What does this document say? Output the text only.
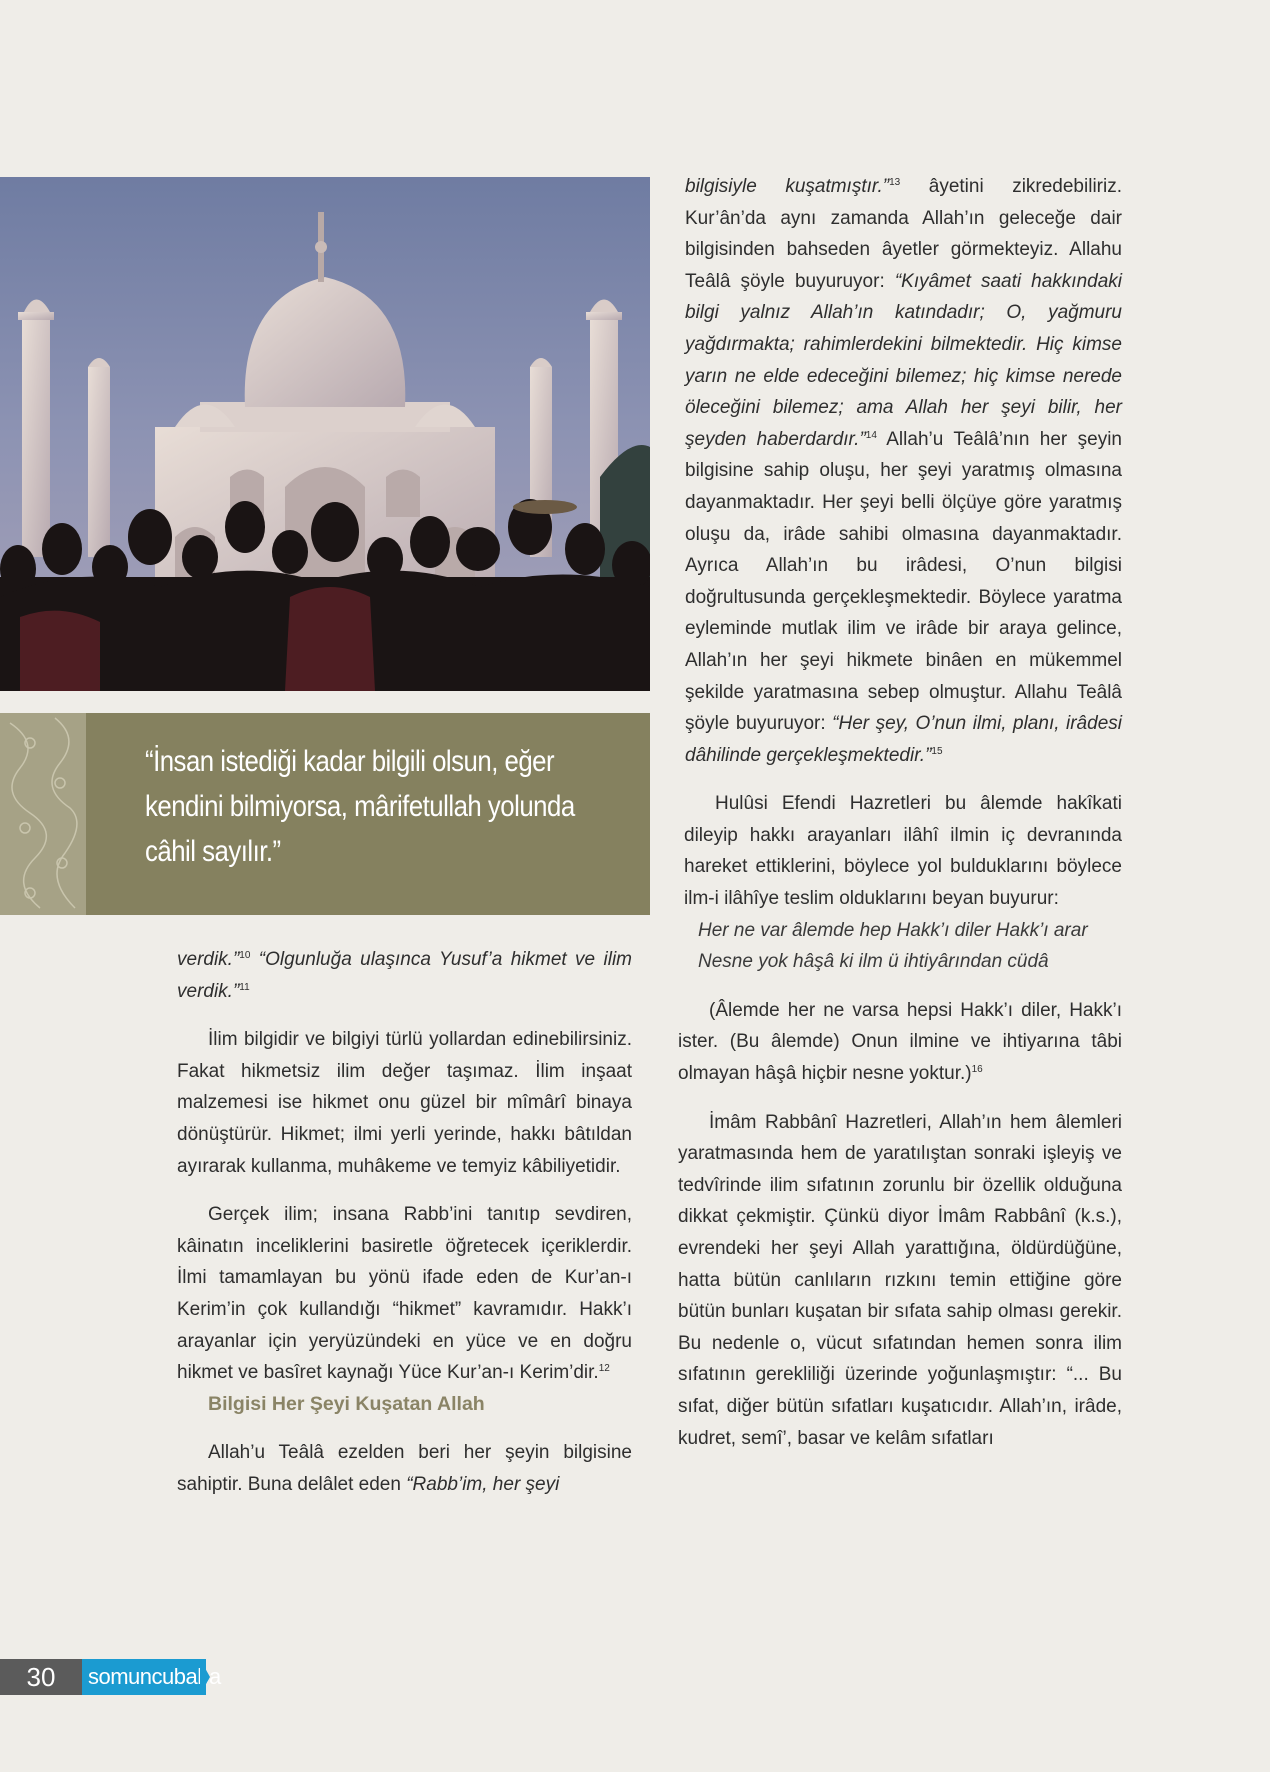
“İnsan istediği kadar bilgili olsun, eğer kendini bilmiyorsa, mârifetullah yolunda câhil sayılır.”

verdik.”$^{10}$ “Olgunluğa ulaşınca Yusuf’a hikmet ve ilim verdik.”$^{11}$

İlim bilgidir ve bilgiyi türlü yollardan edinebilirsiniz. Fakat hikmetsiz ilim değer taşımaz. İlim inşaat malzemesi ise hikmet onu güzel bir mîmârî binaya dönüştürür. Hikmet; ilmi yerli yerinde, hakkı bâtıldan ayırarak kullanma, muhâkeme ve temyiz kâbiliyetidir.

Gerçek ilim; insana Rabb’ini tanıtıp sevdiren, kâinatın inceliklerini basiretle öğretecek içeriklerdir. İlmi tamamlayan bu yönü ifade eden de Kur’an-ı Kerim’in çok kullandığı “hikmet” kavramıdır. Hakk’ı arayanlar için yeryüzündeki en yüce ve en doğru hikmet ve basîret kaynağı Yüce Kur’an-ı Kerim’dir.$^{12}$

Bilgisi Her Şeyi Kuşatan Allah

Allah’u Teâlâ ezelden beri her şeyin bilgisine sahiptir. Buna delâlet eden “Rabb’im, her şeyi

bilgisiyle kuşatmıştır.”$^{13}$ âyetini zikredebiliriz. Kur’ân’da aynı zamanda Allah’ın geleceğe dair bilgisinden bahseden âyetler görmekteyiz. Allahu Teâlâ şöyle buyuruyor: “Kıyâmet saati hakkındaki bilgi yalnız Allah’ın katındadır; O, yağmuru yağdırmakta; rahimlerdekini bilmektedir. Hiç kimse yarın ne elde edeceğini bilemez; hiç kimse nerede öleceğini bilemez; ama Allah her şeyi bilir, her şeyden haberdardır.”$^{14}$ Allah’u Teâlâ’nın her şeyin bilgisine sahip oluşu, her şeyi yaratmış olmasına dayanmaktadır. Her şeyi belli ölçüye göre yaratmış oluşu da, irâde sahibi olmasına dayanmaktadır. Ayrıca Allah’ın bu irâdesi, O’nun bilgisi doğrultusunda gerçekleşmektedir. Böylece yaratma eyleminde mutlak ilim ve irâde bir araya gelince, Allah’ın her şeyi hikmete binâen en mükemmel şekilde yaratmasına sebep olmuştur. Allahu Teâlâ şöyle buyuruyor: “Her şey, O’nun ilmi, planı, irâdesi dâhilinde gerçekleşmektedir.”$^{15}$

Hulûsi Efendi Hazretleri bu âlemde hakîkati dileyip hakkı arayanları ilâhî ilmin iç devranında hareket ettiklerini, böylece yol bulduklarını böylece ilm-i ilâhîye teslim olduklarını beyan buyurur:

Her ne var âlemde hep Hakk’ı diler Hakk’ı arar

Nesne yok hâşâ ki ilm ü ihtiyârından cüdâ

(Âlemde her ne varsa hepsi Hakk’ı diler, Hakk’ı ister. (Bu âlemde) Onun ilmine ve ihtiyarına tâbi olmayan hâşâ hiçbir nesne yoktur.)$^{16}$

İmâm Rabbânî Hazretleri, Allah’ın hem âlemleri yaratmasında hem de yaratılıştan sonraki işleyiş ve tedvîrinde ilim sıfatının zorunlu bir özellik olduğuna dikkat çekmiştir. Çünkü diyor İmâm Rabbânî (k.s.), evrendeki her şeyi Allah yarattığına, öldürdüğüne, hatta bütün canlıların rızkını temin ettiğine göre bütün bunları kuşatan bir sıfata sahip olması gerekir. Bu nedenle o, vücut sıfatından hemen sonra ilim sıfatının gerekliliği üzerinde yoğunlaşmıştır: “... Bu sıfat, diğer bütün sıfatları kuşatıcıdır. Allah’ın, irâde, kudret, semî’, basar ve kelâm sıfatları

30	somuncubaba
